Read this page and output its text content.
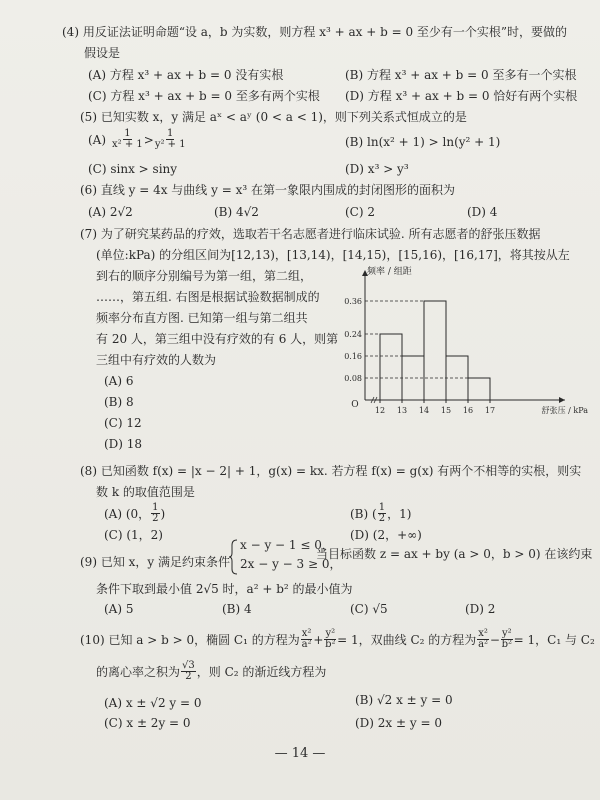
(4) 用反证法证明命题“设 a，b 为实数，则方程 x³ + ax + b = 0 至少有一个实根”时，要做的
假设是
(A) 方程 x³ + ax + b = 0 没有实根	(B) 方程 x³ + ax + b = 0 至多有一个实根
(C) 方程 x³ + ax + b = 0 至多有两个实根 (D) 方程 x³ + ax + b = 0 恰好有两个实根
(5) 已知实数 x，y 满足 aˣ < aʸ (0 < a < 1)，则下列关系式恒成立的是
$(A) \frac{1}{\text{x² + 1}} > \frac{1}{\text{y² + 1}}$	(B) ln(x² + 1) > ln(y² + 1)
(C) sinx > siny	(D) x³ > y³
(6) 直线 y = 4x 与曲线 y = x³ 在第一象限内围成的封闭图形的面积为
(A) 2√2	(B) 4√2	(C) 2	(D) 4
(7) 为了研究某药品的疗效，选取若干名志愿者进行临床试验. 所有志愿者的舒张压数据
(单位:kPa) 的分组区间为[12,13)，[13,14)，[14,15)，[15,16)，[16,17]，将其按从左
到右的顺序分别编号为第一组，第二组，
……，第五组. 右图是根据试验数据制成的
频率分布直方图. 已知第一组与第二组共
有 20 人，第三组中没有疗效的有 6 人，则第
三组中有疗效的人数为
(A) 6
(B) 8
(C) 12
(D) 18
0.08
0.16
0.24
0.36
12 13 14 15 16 17
O
频率 / 组距
舒张压 / kPa
(8) 已知函数 f(x) = |x − 2| + 1，g(x) = kx. 若方程 f(x) = g(x) 有两个不相等的实根，则实
数 k 的取值范围是
(A) (0， $\frac{1}{2}$ )	(B) ( $\frac{1}{2}$ ，1)
(C) (1，2)	(D) (2，+∞)
(9) 已知 x，y 满足约束条件
x − y − 1 ≤ 0，
2x − y − 3 ≥ 0，
当目标函数 z = ax + by (a > 0，b > 0) 在该约束
条件下取到最小值 2√5 时，a² + b² 的最小值为
(A) 5	(B) 4	(C) √5	(D) 2
(10) 已知 a > b > 0，椭圆 C₁ 的方程为 $\frac{\text{x²}}{\text{a²}} + \frac{\text{y²}}{\text{b²}} = 1$，双曲线 C₂ 的方程为 $\frac{\text{x²}}{\text{a²}} - \frac{\text{y²}}{\text{b²}} = 1$，C₁ 与 C₂
的离心率之积为 $\frac{√3}{2}$ ，则 C₂ 的渐近线方程为
(A) x ± √2 y = 0	(B) √2 x ± y = 0
(C) x ± 2y = 0	(D) 2x ± y = 0
— 14 —
